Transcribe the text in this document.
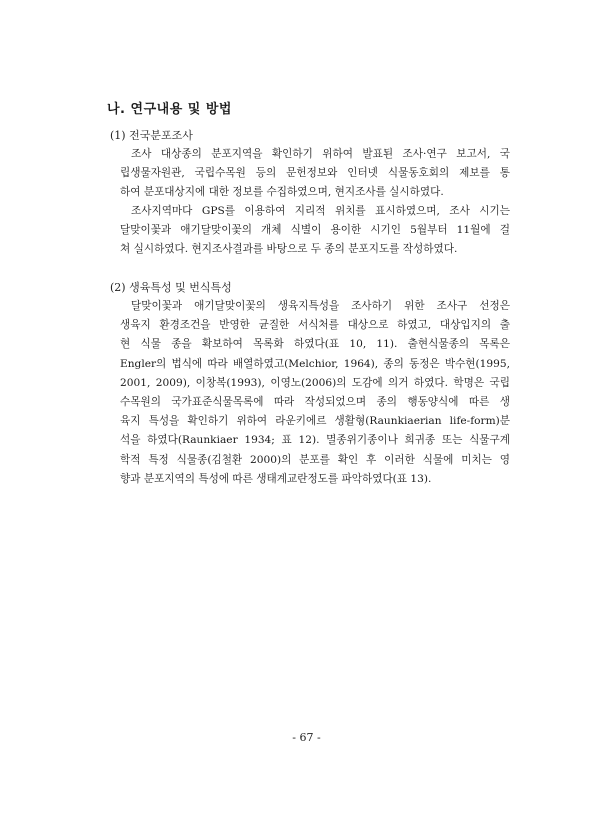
나. 연구내용 및 방법
(1) 전국분포조사
조사 대상종의 분포지역을 확인하기 위하여 발표된 조사·연구 보고서, 국
립생물자원관, 국립수목원 등의 문헌정보와 인터넷 식물동호회의 제보를 통
하여 분포대상지에 대한 정보를 수집하였으며, 현지조사를 실시하였다.
조사지역마다 GPS를 이용하여 지리적 위치를 표시하였으며, 조사 시기는
달맞이꽃과 애기달맞이꽃의 개체 식별이 용이한 시기인 5월부터 11월에 걸
쳐 실시하였다. 현지조사결과를 바탕으로 두 종의 분포지도를 작성하였다.
(2) 생육특성 및 번식특성
달맞이꽃과 애기달맞이꽃의 생육지특성을 조사하기 위한 조사구 선정은
생육지 환경조건을 반영한 균질한 서식처를 대상으로 하였고, 대상입지의 출
현 식물 종을 확보하여 목록화 하였다(표 10, 11). 출현식물종의 목록은
Engler의 법식에 따라 배열하였고(Melchior, 1964), 종의 동정은 박수현(1995,
2001, 2009), 이창복(1993), 이영노(2006)의 도감에 의거 하였다. 학명은 국립
수목원의 국가표준식물목록에 따라 작성되었으며 종의 행동양식에 따른 생
육지 특성을 확인하기 위하여 라운키에르 생활형(Raunkiaerian life-form)분
석을 하였다(Raunkiaer 1934; 표 12). 멸종위기종이나 희귀종 또는 식물구계
학적 특정 식물종(김철환 2000)의 분포를 확인 후 이러한 식물에 미치는 영
향과 분포지역의 특성에 따른 생태계교란정도를 파악하였다(표 13).
- 67 -
